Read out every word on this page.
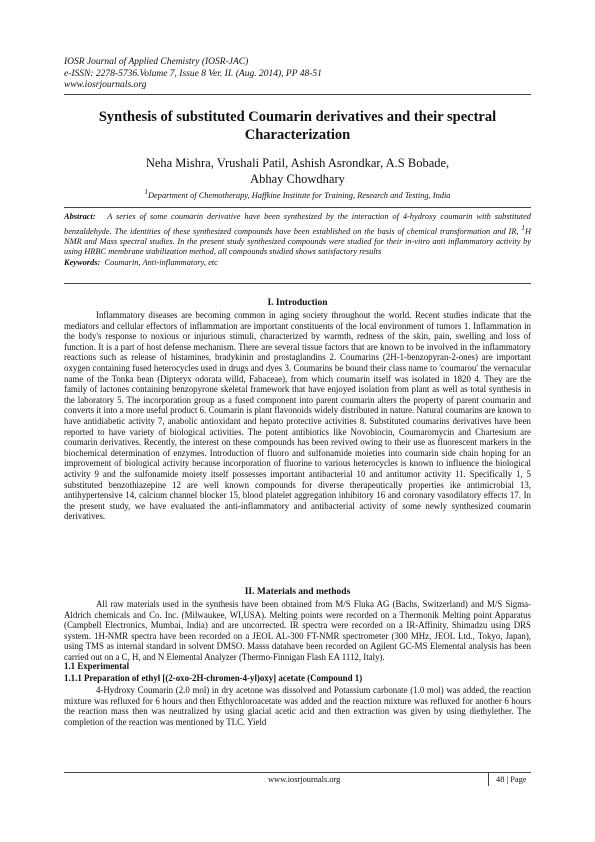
IOSR Journal of Applied Chemistry (IOSR-JAC)
e-ISSN: 2278-5736.Volume 7, Issue 8 Ver. II. (Aug. 2014), PP 48-51
www.iosrjournals.org
Synthesis of substituted Coumarin derivatives and their spectral
Characterization
Neha Mishra, Vrushali Patil, Ashish Asrondkar, A.S Bobade,
Abhay Chowdhary
$^1$Department of Chemotherapy, Haffkine Institute for Training, Research and Testing, India
Abstract: A series of some coumarin derivative have been synthesized by the interaction of 4-hydroxy coumarin with substituted benzaldehyde. The identities of these synthesized compounds have been established on the basis of chemical transformation and IR, $^1$H NMR and Mass spectral studies. In the present study synthesized compounds were studied for their in-vitro anti inflammatory activity by using HRBC membrane stabilization method, all compounds studied shows satisfactory results
Keywords: Coumarin, Anti-inflammatory, etc
I. Introduction
Inflammatory diseases are becoming common in aging society throughout the world. Recent studies indicate that the mediators and cellular effectors of inflammation are important constituents of the local environment of tumors 1. Inflammation in the body's response to noxious or injurious stimuli, characterized by warmth, redness of the skin, pain, swelling and loss of function. It is a part of host defense mechanism. There are several tissue factors that are known to be involved in the inflammatory reactions such as release of histamines, bradykinin and prostaglandins 2. Coumarins (2H-1-benzopyran-2-ones) are important oxygen containing fused heterocycles used in drugs and dyes 3. Coumarins be bound their class name to 'coumarou' the vernacular name of the Tonka bean (Dipteryx odorata willd, Fabaceae), from which coumarin itself was isolated in 1820 4. They are the family of lactones containing benzopyrone skeletal framework that have enjoyed isolation from plant as well as total synthesis in the laboratory 5. The incorporation group as a fused component into parent coumarin alters the property of parent coumarin and converts it into a more useful product 6. Coumarin is plant flavonoids widely distributed in nature. Natural coumarins are known to have antidiabetic activity 7, anabolic antioxidant and hepato protective activities 8. Substituted coumarins derivatives have been reported to have variety of biological activities. The potent antibiotics like Novobiocin, Coumaromycin and Chartesium are coumarin derivatives. Recently, the interest on these compounds has been revived owing to their use as fluorescent markers in the biochemical determination of enzymes. Introduction of fluoro and sulfonamide moieties into coumarin side chain hoping for an improvement of biological activity because incorporation of fluorine to various heterocycles is known to influence the biological activity 9 and the sulfonamide moiety itself possesses important antibacterial 10 and antitumor activity 11. Specifically 1, 5 substituted benzothiazepine 12 are well known compounds for diverse therapeutically properties ike antimicrobial 13, antihypertensive 14, calcium channel blocker 15, blood platelet aggregation inhibitory 16 and coronary vasodilatory effects 17. In the present study, we have evaluated the anti-inflammatory and antibacterial activity of some newly synthesized coumarin derivatives.
II. Materials and methods
All raw materials used in the synthesis have been obtained from M/S Fluka AG (Bachs, Switzerland) and M/S Sigma-Aldrich chemicals and Co. Inc. (Milwaukee, WI,USA). Melting points were recorded on a Thermonik Melting point Apparatus (Campbell Electronics, Mumbai, India) and are uncorrected. IR spectra were recorded on a IR-Affinity, Shimadzu using DRS system. 1H-NMR spectra have been recorded on a JEOL AL-300 FT-NMR spectrometer (300 MHz, JEOL Ltd., Tokyo, Japan), using TMS as internal standard in solvent DMSO. Masss datahave been recorded on Agilent GC-MS Elemental analysis has been carried out on a C, H, and N Elemental Analyzer (Thermo-Finnigan Flash EA 1112, Italy).
1.1 Experimental
1.1.1 Preparation of ethyl [(2-oxo-2H-chromen-4-yl)oxy] acetate (Compound 1)
4-Hydroxy Coumarin (2.0 mol) in dry acetone was dissolved and Potassium carbonate (1.0 mol) was added, the reaction mixture was refluxed for 6 hours and then Ethychloroacetate was added and the reaction mixture was refluxed for another 6 hours the reaction mass then was neutralized by using glacial acetic acid and then extraction was given by using diethylether. The completion of the reaction was mentioned by TLC. Yield
www.iosrjournals.org	48 | Page
